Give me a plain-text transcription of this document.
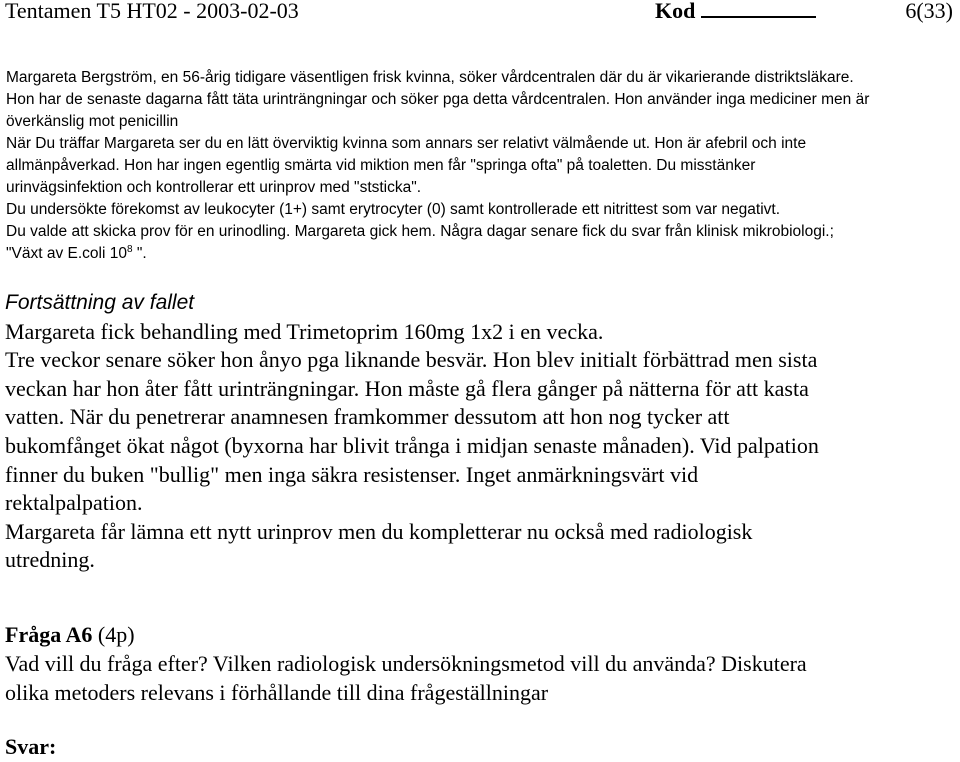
Tentamen T5 HT02 - 2003-02-03	Kod	6(33)

Margareta Bergström, en 56-årig tidigare väsentligen frisk kvinna, söker vårdcentralen där du är vikarierande distriktsläkare.

Hon har de senaste dagarna fått täta urinträngningar och söker pga detta vårdcentralen. Hon använder inga mediciner men är

överkänslig mot penicillin

När Du träffar Margareta ser du en lätt överviktig kvinna som annars ser relativt välmående ut. Hon är afebril och inte

allmänpåverkad. Hon har ingen egentlig smärta vid miktion men får "springa ofta" på toaletten. Du misstänker

urinvägsinfektion och kontrollerar ett urinprov med "ststicka".

Du undersökte förekomst av leukocyter (1+) samt erytrocyter (0) samt kontrollerade ett nitrittest som var negativt.

Du valde att skicka prov för en urinodling. Margareta gick hem. Några dagar senare fick du svar från klinisk mikrobiologi.;

"Växt av E.coli $10^8$ ".

Fortsättning av fallet

Margareta fick behandling med Trimetoprim 160mg 1x2 i en vecka.

Tre veckor senare söker hon ånyo pga liknande besvär. Hon blev initialt förbättrad men sista

veckan har hon åter fått urinträngningar. Hon måste gå flera gånger på nätterna för att kasta

vatten. När du penetrerar anamnesen framkommer dessutom att hon nog tycker att

bukomfånget ökat något (byxorna har blivit trånga i midjan senaste månaden). Vid palpation

finner du buken "bullig" men inga säkra resistenser. Inget anmärkningsvärt vid

rektalpalpation.

Margareta får lämna ett nytt urinprov men du kompletterar nu också med radiologisk

utredning.

Fråga A6 (4p)

Vad vill du fråga efter? Vilken radiologisk undersökningsmetod vill du använda? Diskutera

olika metoders relevans i förhållande till dina frågeställningar

Svar:
